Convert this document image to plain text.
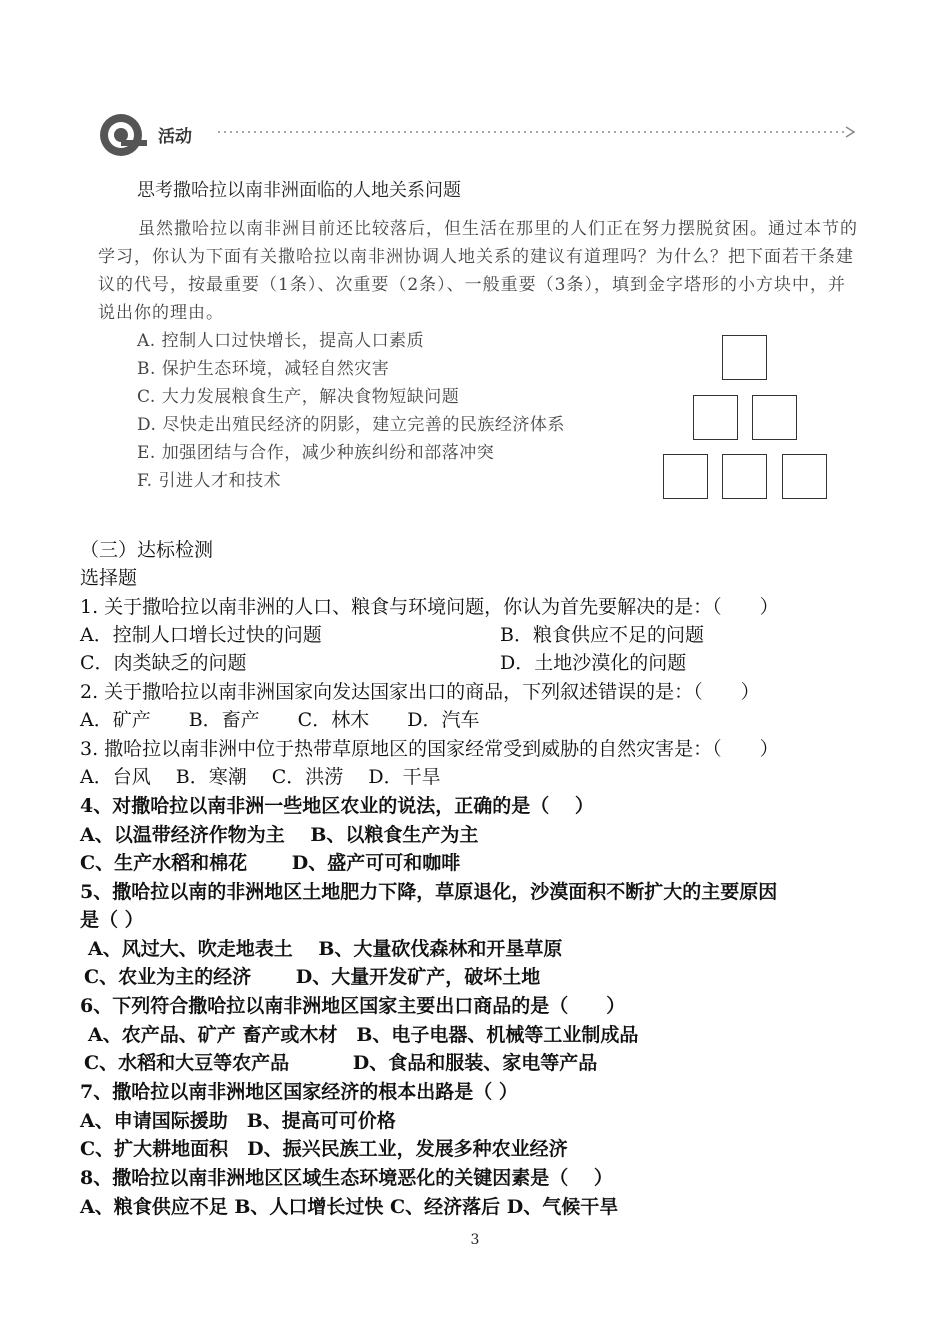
活动
思考撒哈拉以南非洲面临的人地关系问题
虽然撒哈拉以南非洲目前还比较落后，但生活在那里的人们正在努力摆脱贫困。通过本节的学习，你认为下面有关撒哈拉以南非洲协调人地关系的建议有道理吗？为什么？把下面若干条建议的代号，按最重要（1条）、次重要（2条）、一般重要（3条），填到金字塔形的小方块中，并说出你的理由。
A. 控制人口过快增长，提高人口素质
B. 保护生态环境，减轻自然灾害
C. 大力发展粮食生产，解决食物短缺问题
D. 尽快走出殖民经济的阴影，建立完善的民族经济体系
E. 加强团结与合作，减少种族纠纷和部落冲突
F. 引进人才和技术
（三）达标检测
选择题
1. 关于撒哈拉以南非洲的人口、粮食与环境问题，你认为首先要解决的是：（　　）
A．控制人口增长过快的问题	B．粮食供应不足的问题
C．肉类缺乏的问题	D．土地沙漠化的问题
2. 关于撒哈拉以南非洲国家向发达国家出口的商品，下列叙述错误的是：（　　）
A．矿产　　B．畜产　　C．林木　　D．汽车
3. 撒哈拉以南非洲中位于热带草原地区的国家经常受到威胁的自然灾害是：（　　）
A．台风　 B．寒潮　 C．洪涝　 D．干旱
4、对撒哈拉以南非洲一些地区农业的说法，正确的是（　 ）
A、以温带经济作物为主　 B、以粮食生产为主
C、生产水稻和棉花　　 D、盛产可可和咖啡
5、撒哈拉以南的非洲地区土地肥力下降，草原退化，沙漠面积不断扩大的主要原因
是（ ）
A、风过大、吹走地表土　 B、大量砍伐森林和开垦草原
C、农业为主的经济　　 D、大量开发矿产，破坏土地
6、下列符合撒哈拉以南非洲地区国家主要出口商品的是（　　）
A、农产品、矿产 畜产或木材　B、电子电器、机械等工业制成品
C、水稻和大豆等农产品　　　 D、食品和服装、家电等产品
7、撒哈拉以南非洲地区国家经济的根本出路是（ ）
A、申请国际援助　B、提高可可价格
C、扩大耕地面积　D、振兴民族工业，发展多种农业经济
8、撒哈拉以南非洲地区区域生态环境恶化的关键因素是（　 ）
A、粮食供应不足 B、人口增长过快 C、经济落后 D、气候干旱
3
